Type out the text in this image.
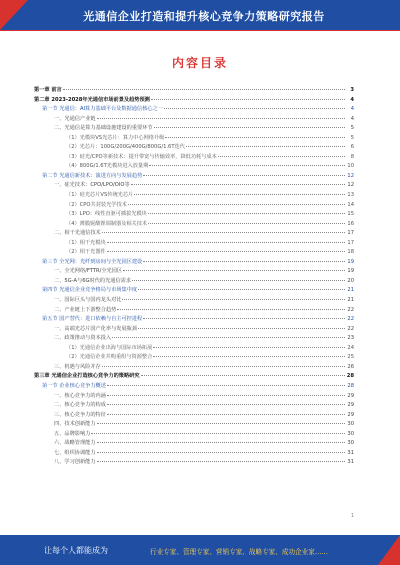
光通信企业打造和提升核心竞争力策略研究报告
内容目录
第一章 前言	3
第二章 2023-2028年光通信市场前景及趋势预测	4
第一节 光通信：AI算力基础平台及数据通信核心之一	4
一、光通信产业链	4
二、光通信是算力基础设施建设的重要环节	5
（1）光模块VS光芯片：算力中心网络升级	5
（2）光芯片：100G/200G/400G/800G/1.6T迭代	6
（3）硅光/CPO等新技术：提升带宽与传输效率，降低功耗与成本	8
（4）800G/1.6T光模块进入放量期	10
第二节 光通信新技术：演进方向与发展趋势	12
一、硅光技术：CPO/LPO/OIO等	12
（1）硅光芯片VS传统光芯片	13
（2）CPO共封装光学技术	14
（3）LPO：线性直驱可插拔光模块	15
（4）薄膜铌酸锂调制器及相关技术	16
二、相干光通信技术	17
（1）相干光模块	17
（2）相干光器件	18
第三节 全光网：光纤到房间与全光园区建设	19
一、全光网络/FTTR/全光园区	19
二、5G-A与6G时代的光通信需求	20
第四节 光通信企业竞争格局与市场集中度	21
一、国际巨头与国内龙头对比	21
二、产业链上下游整合趋势	22
第五节 国产替代：进口依赖与自主可控进程	22
一、高端光芯片国产化率与发展瓶颈	22
二、政策推动与资本投入	23
（1）光通信企业出海与国际市场拓展	24
（2）光通信企业并购重组与资源整合	25
三、机遇与风险并存	26
第三章 光通信企业打造核心竞争力的策略研究	28
第一节 企业核心竞争力概述	28
一、核心竞争力的内涵	29
二、核心竞争力的构成	29
三、核心竞争力的特征	29
四、技术创新能力	30
五、品牌影响力	30
六、战略管理能力	30
七、组织协调能力	31
八、学习创新能力	31
1
让每个人都能成为	行业专家、管理专家、营销专家、战略专家、成功企业家……
